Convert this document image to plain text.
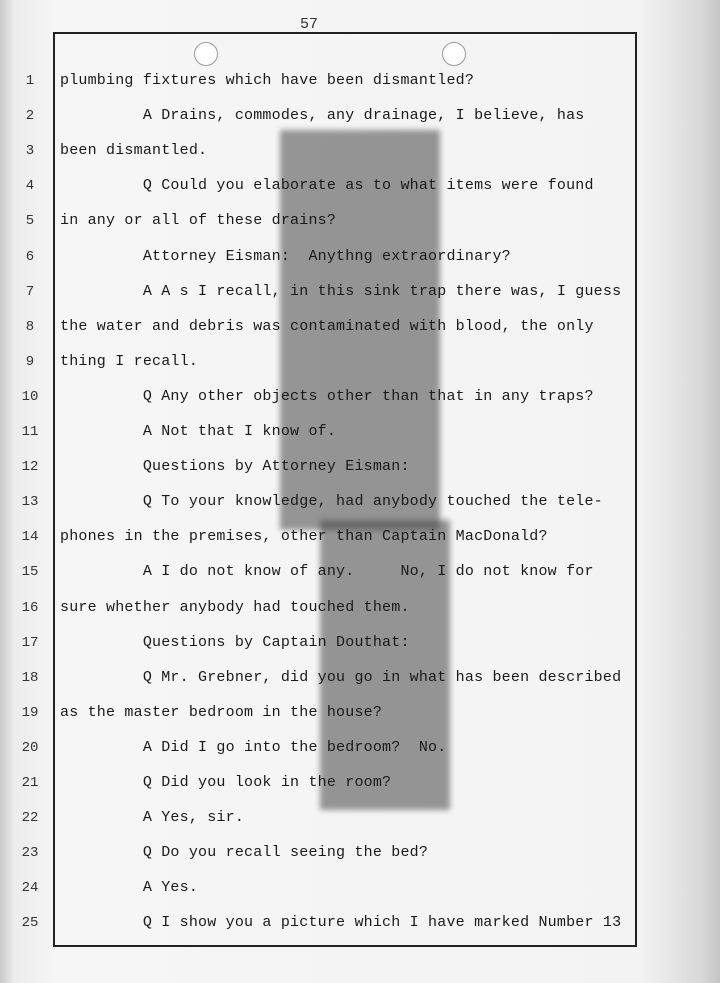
57
1	plumbing fixtures which have been dismantled?
2	A Drains, commodes, any drainage, I believe, has
3	been dismantled.
4	Q Could you elaborate as to what items were found
5	in any or all of these drains?
6	Attorney Eisman:  Anythng extraordinary?
7	A A s I recall, in this sink trap there was, I guess
8	the water and debris was contaminated with blood, the only
9	thing I recall.
10 Q Any other objects other than that in any traps?
11 A Not that I know of.
12 Questions by Attorney Eisman:
13 Q To your knowledge, had anybody touched the tele-
14 phones in the premises, other than Captain MacDonald?
15 A I do not know of any.     No, I do not know for
16 sure whether anybody had touched them.
17 Questions by Captain Douthat:
18 Q Mr. Grebner, did you go in what has been described
19 as the master bedroom in the house?
20 A Did I go into the bedroom?  No.
21 Q Did you look in the room?
22 A Yes, sir.
23 Q Do you recall seeing the bed?
24 A Yes.
25 Q I show you a picture which I have marked Number 13
